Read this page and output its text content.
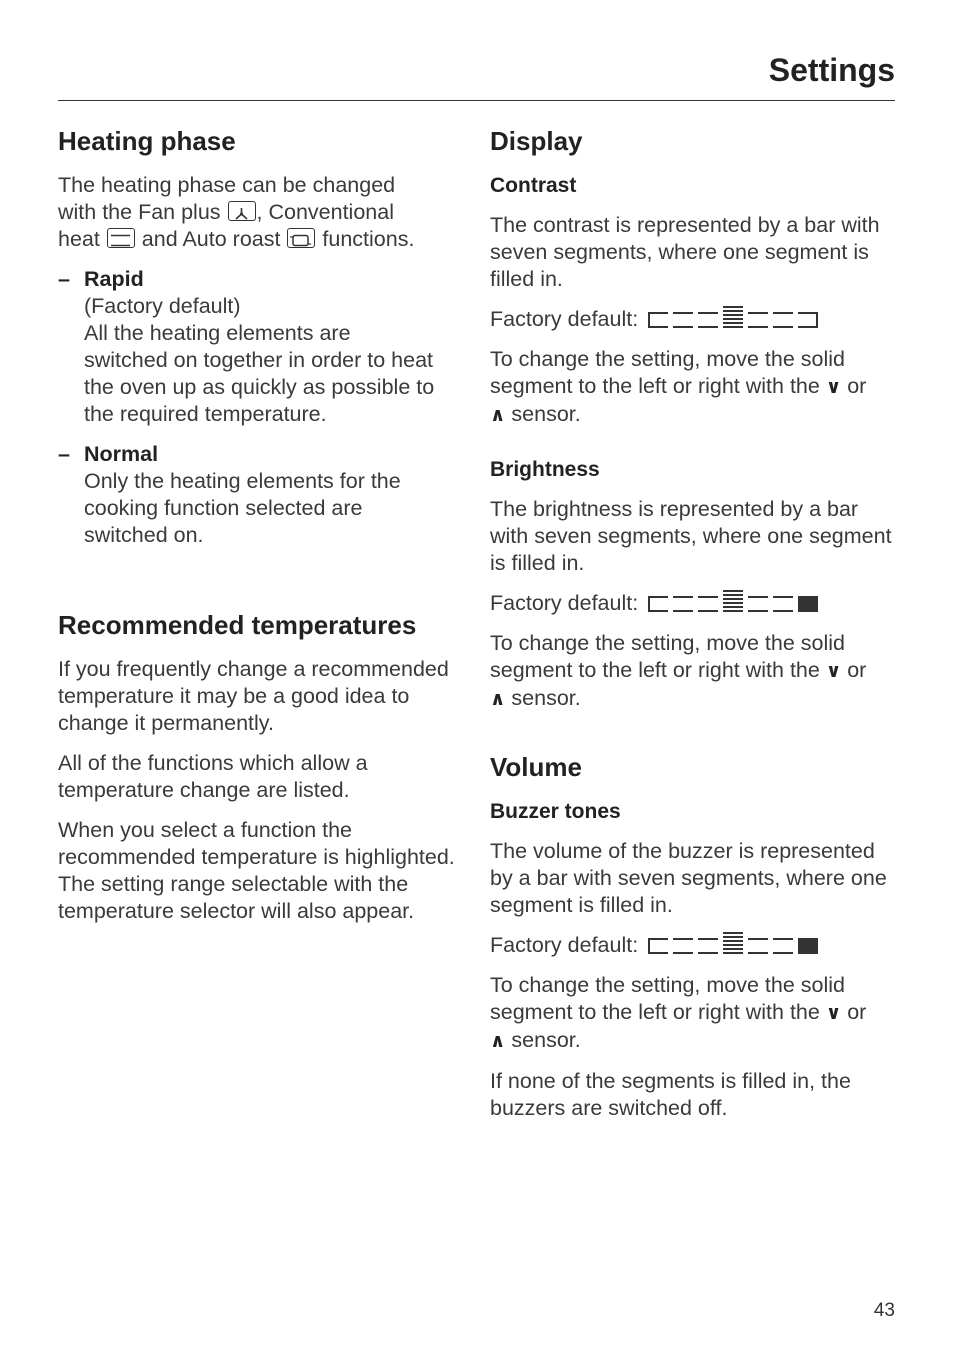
Settings
Heating phase

The heating phase can be changed
with the Fan plus , Conventional
heat  and Auto roast  functions.

– Rapid
(Factory default)
All the heating elements are
switched on together in order to heat
the oven up as quickly as possible to
the required temperature.
– Normal
Only the heating elements for the
cooking function selected are
switched on.
Recommended temperatures

If you frequently change a recommended temperature it may be a good idea to change it permanently.

All of the functions which allow a temperature change are listed.

When you select a function the recommended temperature is highlighted.
The setting range selectable with the temperature selector will also appear.

Display
Contrast

The contrast is represented by a bar with seven segments, where one segment is filled in.

Factory default:

To change the setting, move the solid segment to the left or right with the ∨ or
∧ sensor.

Brightness

The brightness is represented by a bar with seven segments, where one segment is filled in.

Factory default:

To change the setting, move the solid segment to the left or right with the ∨ or
∧ sensor.

Volume
Buzzer tones

The volume of the buzzer is represented by a bar with seven segments, where one segment is filled in.

Factory default:

To change the setting, move the solid segment to the left or right with the ∨ or
∧ sensor.

If none of the segments is filled in, the buzzers are switched off.

43
